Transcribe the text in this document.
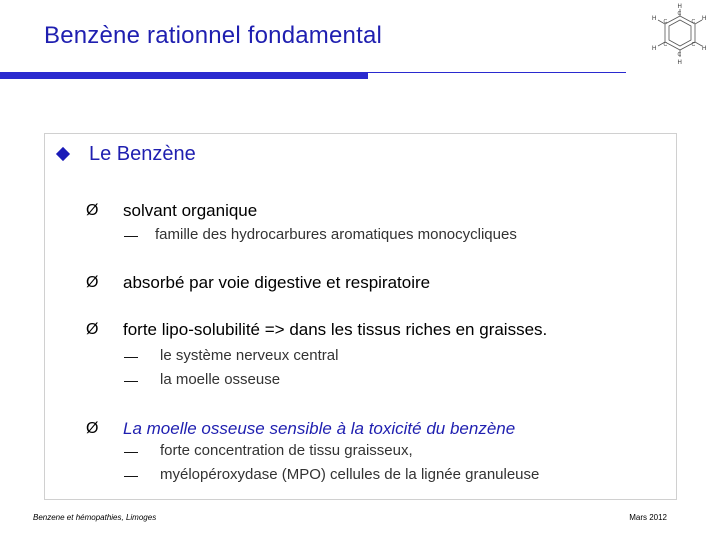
Benzène rationnel fondamental
H
H
H
H
H
H
C
C
C
C
C
C
Le Benzène
Ø solvant organique
— famille des hydrocarbures aromatiques monocycliques
Ø absorbé par voie digestive et respiratoire
Ø forte lipo-solubilité => dans les tissus riches en graisses.
— le système nerveux central
— la moelle osseuse
Ø La moelle osseuse sensible à la toxicité du benzène
— forte concentration de tissu graisseux,
— myélopéroxydase (MPO) cellules de la lignée granuleuse
Benzene et hémopathies, Limoges	Mars 2012
